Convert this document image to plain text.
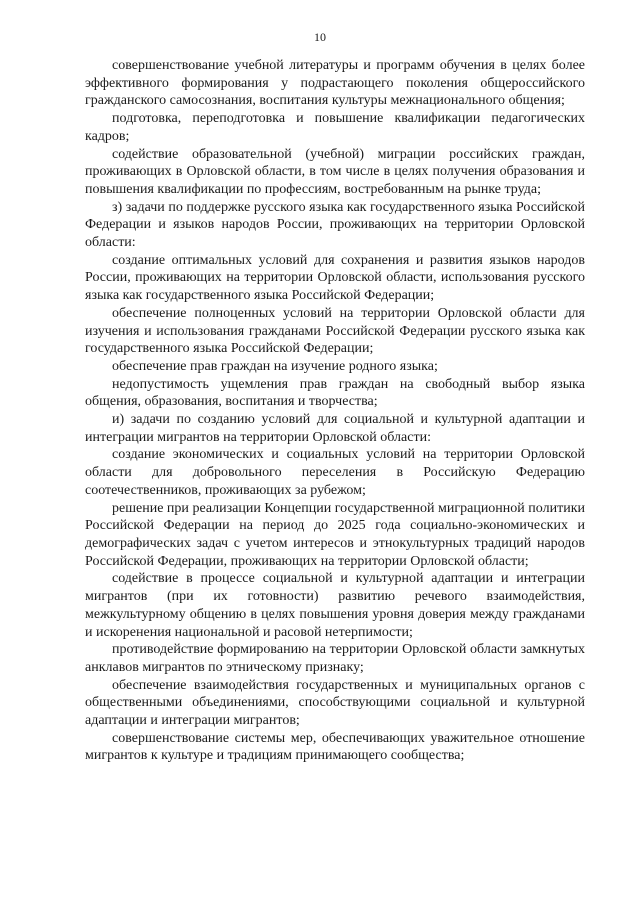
10

совершенствование учебной литературы и программ обучения в целях более эффективного формирования у подрастающего поколения общероссийского гражданского самосознания, воспитания культуры межнационального общения;

подготовка, переподготовка и повышение квалификации педагогических кадров;

содействие образовательной (учебной) миграции российских граждан, проживающих в Орловской области, в том числе в целях получения образования и повышения квалификации по профессиям, востребованным на рынке труда;

з) задачи по поддержке русского языка как государственного языка Российской Федерации и языков народов России, проживающих на территории Орловской области:

создание оптимальных условий для сохранения и развития языков народов России, проживающих на территории Орловской области, использования русского языка как государственного языка Российской Федерации;

обеспечение полноценных условий на территории Орловской области для изучения и использования гражданами Российской Федерации русского языка как государственного языка Российской Федерации;

обеспечение прав граждан на изучение родного языка;

недопустимость ущемления прав граждан на свободный выбор языка общения, образования, воспитания и творчества;

и) задачи по созданию условий для социальной и культурной адаптации и интеграции мигрантов на территории Орловской области:

создание экономических и социальных условий на территории Орловской области для добровольного переселения в Российскую Федерацию соотечественников, проживающих за рубежом;

решение при реализации Концепции государственной миграционной политики Российской Федерации на период до 2025 года социально-экономических и демографических задач с учетом интересов и этнокультурных традиций народов Российской Федерации, проживающих на территории Орловской области;

содействие в процессе социальной и культурной адаптации и интеграции мигрантов (при их готовности) развитию речевого взаимодействия, межкультурному общению в целях повышения уровня доверия между гражданами и искоренения национальной и расовой нетерпимости;

противодействие формированию на территории Орловской области замкнутых анклавов мигрантов по этническому признаку;

обеспечение взаимодействия государственных и муниципальных органов с общественными объединениями, способствующими социальной и культурной адаптации и интеграции мигрантов;

совершенствование системы мер, обеспечивающих уважительное отношение мигрантов к культуре и традициям принимающего сообщества;
